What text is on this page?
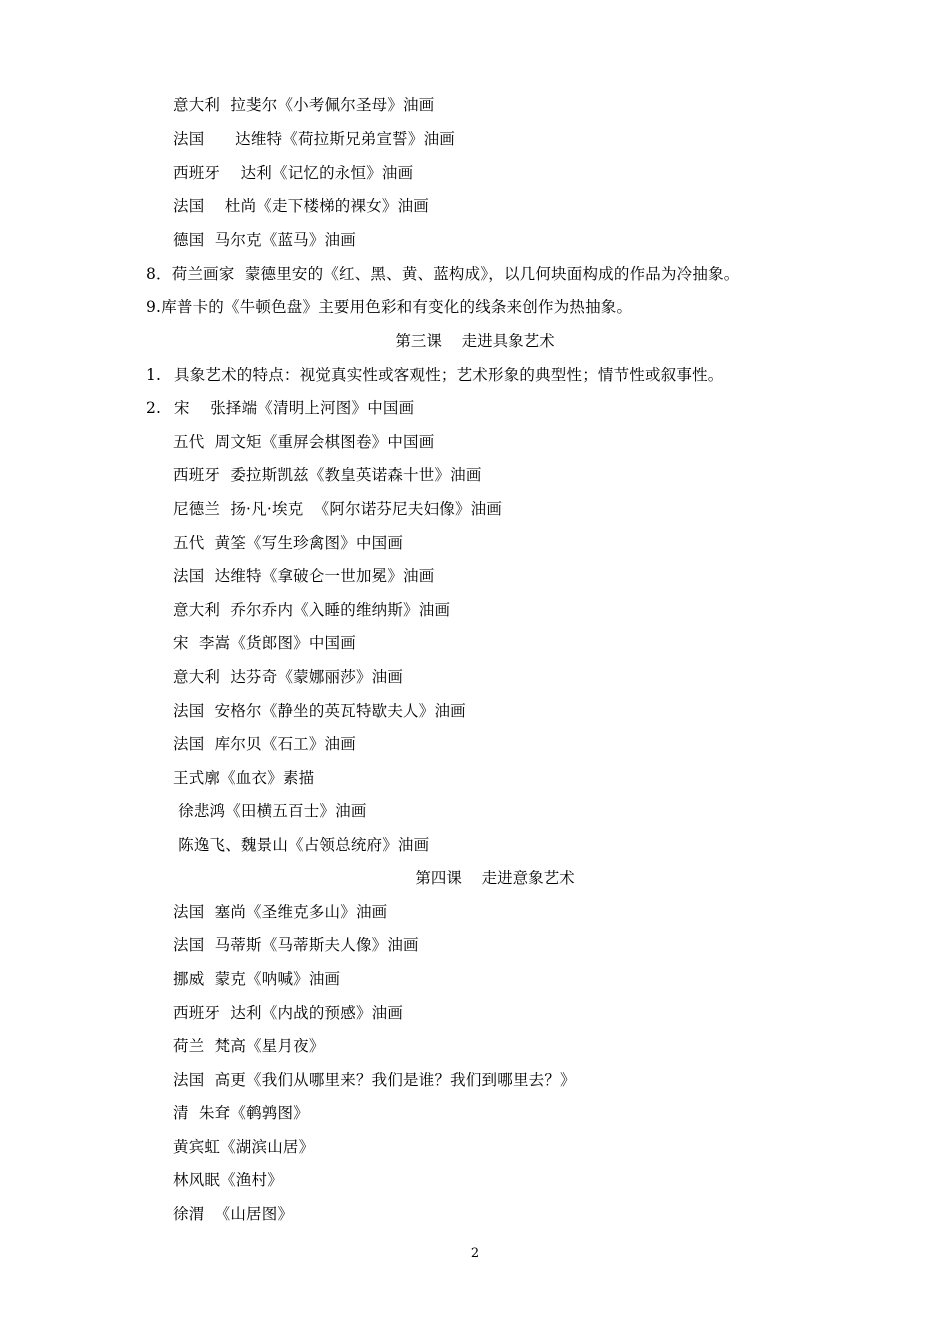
意大利  拉斐尔《小考佩尔圣母》油画
法国      达维特《荷拉斯兄弟宣誓》油画
西班牙    达利《记忆的永恒》油画
法国    杜尚《走下楼梯的裸女》油画
德国  马尔克《蓝马》油画
8．荷兰画家  蒙德里安的《红、黑、黄、蓝构成》，以几何块面构成的作品为冷抽象。
9.库普卡的《牛顿色盘》主要用色彩和有变化的线条来创作为热抽象。
第三课    走进具象艺术
1. 具象艺术的特点：视觉真实性或客观性；艺术形象的典型性；情节性或叙事性。
2. 宋    张择端《清明上河图》中国画
五代  周文矩《重屏会棋图卷》中国画
西班牙  委拉斯凯兹《教皇英诺森十世》油画
尼德兰  扬·凡·埃克  《阿尔诺芬尼夫妇像》油画
五代  黄筌《写生珍禽图》中国画
法国  达维特《拿破仑一世加冕》油画
意大利  乔尔乔内《入睡的维纳斯》油画
宋  李嵩《货郎图》中国画
意大利  达芬奇《蒙娜丽莎》油画
法国  安格尔《静坐的英瓦特歇夫人》油画
法国  库尔贝《石工》油画
王式廓《血衣》素描
徐悲鸿《田横五百士》油画
陈逸飞、魏景山《占领总统府》油画
第四课    走进意象艺术
法国  塞尚《圣维克多山》油画
法国  马蒂斯《马蒂斯夫人像》油画
挪威  蒙克《呐喊》油画
西班牙  达利《内战的预感》油画
荷兰  梵高《星月夜》
法国  高更《我们从哪里来？我们是谁？我们到哪里去？》
清  朱耷《鹌鹑图》
黄宾虹《湖滨山居》
林风眠《渔村》
徐渭  《山居图》
2
